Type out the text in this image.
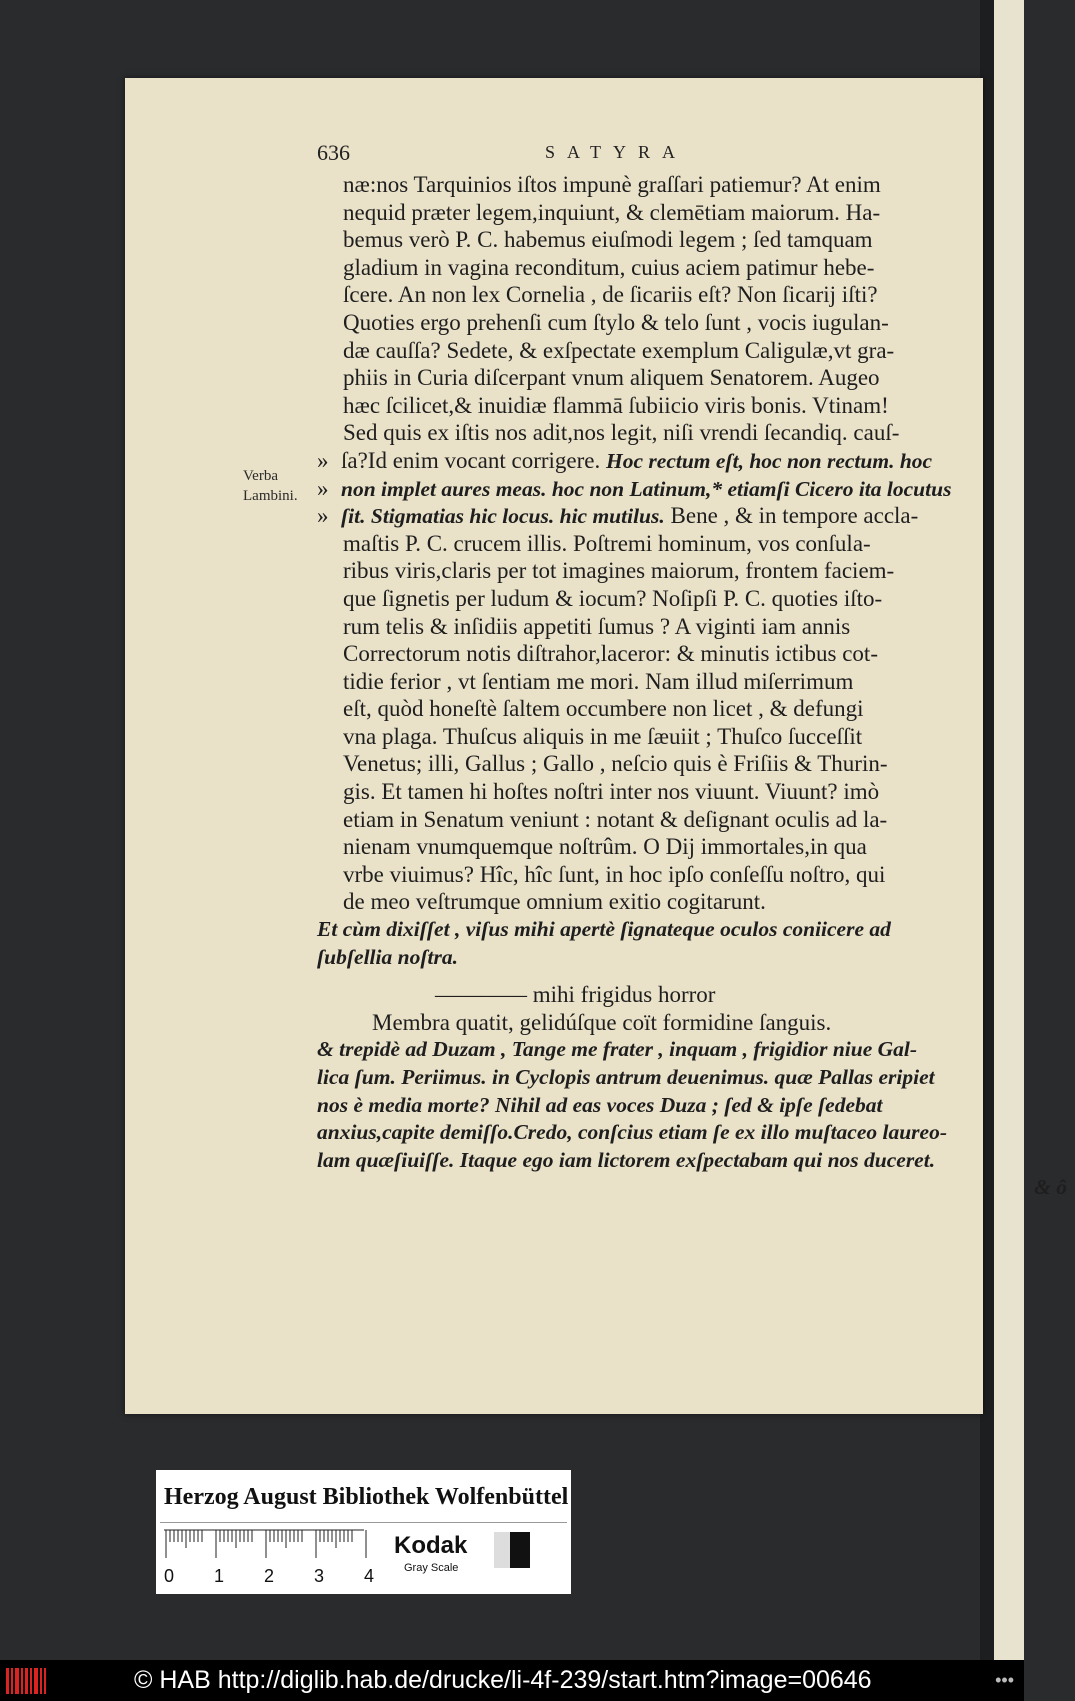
636	SATYRA
Verba
Lambini.
næ:nos Tarquinios iſtos impunè graſſari patiemur? At enim
nequid præter legem,inquiunt, & clemētiam maiorum. Ha-
bemus verò P. C. habemus eiuſmodi legem ; ſed tamquam
gladium in vagina reconditum, cuius aciem patimur hebe-
ſcere. An non lex Cornelia , de ſicariis eſt? Non ſicarij iſti?
Quoties ergo prehenſi cum ſtylo & telo ſunt , vocis iugulan-
dæ cauſſa? Sedete, & exſpectate exemplum Caligulæ,vt gra-
phiis in Curia diſcerpant vnum aliquem Senatorem. Augeo
hæc ſcilicet,& inuidiæ flammā ſubiicio viris bonis. Vtinam!
Sed quis ex iſtis nos adit,nos legit, niſi vrendi ſecandiq. cauſ-
» ſa?Id enim vocant corrigere. Hoc rectum eſt, hoc non rectum. hoc
» non implet aures meas. hoc non Latinum,* etiamſi Cicero ita locutus
» ſit. Stigmatias hic locus. hic mutilus. Bene , & in tempore accla-
maſtis P. C. crucem illis. Poſtremi hominum, vos conſula-
ribus viris,claris per tot imagines maiorum, frontem faciem-
que ſignetis per ludum & iocum? Noſipſi P. C. quoties iſto-
rum telis & inſidiis appetiti ſumus ? A viginti iam annis
Correctorum notis diſtrahor,laceror: & minutis ictibus cot-
tidie ferior , vt ſentiam me mori. Nam illud miſerrimum
eſt, quòd honeſtè ſaltem occumbere non licet , & defungi
vna plaga. Thuſcus aliquis in me ſæuiit ; Thuſco ſucceſſit
Venetus; illi, Gallus ; Gallo , neſcio quis è Friſiis & Thurin-
gis. Et tamen hi hoſtes noſtri inter nos viuunt. Viuunt? imò
etiam in Senatum veniunt : notant & deſignant oculis ad la-
nienam vnumquemque noſtrûm. O Dij immortales,in qua
vrbe viuimus? Hîc, hîc ſunt, in hoc ipſo conſeſſu noſtro, qui
de meo veſtrumque omnium exitio cogitarunt.
Et cùm dixiſſet , viſus mihi apertè ſignateque oculos coniicere ad
ſubſellia noſtra.
———— mihi frigidus horror
Membra quatit, gelidúſque coït formidine ſanguis.
& trepidè ad Duzam , Tange me frater , inquam , frigidior niue Gal-
lica ſum. Periimus. in Cyclopis antrum deuenimus. quæ Pallas eripiet
nos è media morte? Nihil ad eas voces Duza ; ſed & ipſe ſedebat
anxius,capite demiſſo.Credo, conſcius etiam ſe ex illo muſtaceo laureo-
lam quæſiuiſſe. Itaque ego iam lictorem exſpectabam qui nos duceret.
& ô
Herzog August Bibliothek Wolfenbüttel
0 1 2 3 4
Kodak
Gray Scale
© HAB http://diglib.hab.de/drucke/li-4f-239/start.htm?image=00646	•••
